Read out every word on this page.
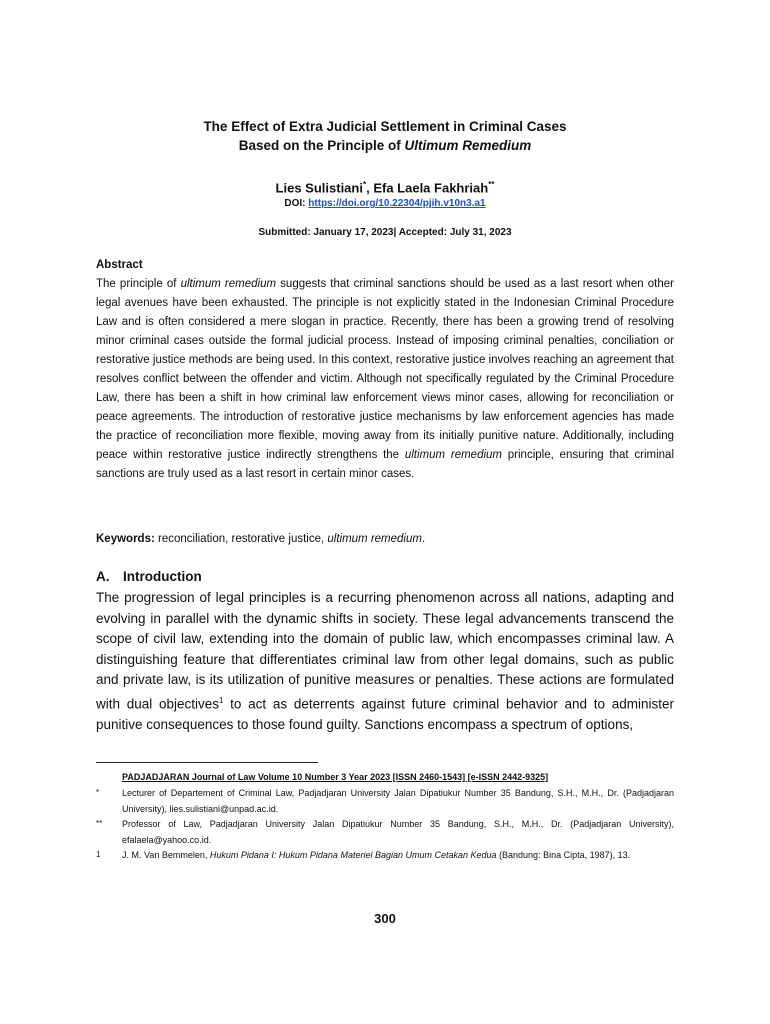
The Effect of Extra Judicial Settlement in Criminal Cases
Based on the Principle of Ultimum Remedium
Lies Sulistiani*, Efa Laela Fakhriah**
DOI: https://doi.org/10.22304/pjih.v10n3.a1
Submitted: January 17, 2023| Accepted: July 31, 2023
Abstract

The principle of ultimum remedium suggests that criminal sanctions should be used as a last resort when other legal avenues have been exhausted. The principle is not explicitly stated in the Indonesian Criminal Procedure Law and is often considered a mere slogan in practice. Recently, there has been a growing trend of resolving minor criminal cases outside the formal judicial process. Instead of imposing criminal penalties, conciliation or restorative justice methods are being used. In this context, restorative justice involves reaching an agreement that resolves conflict between the offender and victim. Although not specifically regulated by the Criminal Procedure Law, there has been a shift in how criminal law enforcement views minor cases, allowing for reconciliation or peace agreements. The introduction of restorative justice mechanisms by law enforcement agencies has made the practice of reconciliation more flexible, moving away from its initially punitive nature. Additionally, including peace within restorative justice indirectly strengthens the ultimum remedium principle, ensuring that criminal sanctions are truly used as a last resort in certain minor cases.

Keywords: reconciliation, restorative justice, ultimum remedium.
A. Introduction

The progression of legal principles is a recurring phenomenon across all nations, adapting and evolving in parallel with the dynamic shifts in society. These legal advancements transcend the scope of civil law, extending into the domain of public law, which encompasses criminal law. A distinguishing feature that differentiates criminal law from other legal domains, such as public and private law, is its utilization of punitive measures or penalties. These actions are formulated with dual objectives$^1$ to act as deterrents against future criminal behavior and to administer punitive consequences to those found guilty. Sanctions encompass a spectrum of options,

PADJADJARAN Journal of Law Volume 10 Number 3 Year 2023 [ISSN 2460-1543] [e-ISSN 2442-9325]
*	Lecturer of Departement of Criminal Law, Padjadjaran University Jalan Dipatiukur Number 35 Bandung, S.H., M.H., Dr. (Padjadjaran University), lies.sulistiani@unpad.ac.id.
** Professor of Law, Padjadjaran University Jalan Dipatiukur Number 35 Bandung, S.H., M.H., Dr. (Padjadjaran University), efalaela@yahoo.co.id.
1 J. M. Van Bemmelen, Hukum Pidana I: Hukum Pidana Materiel Bagian Umum Cetakan Kedua (Bandung: Bina Cipta, 1987), 13.
300
